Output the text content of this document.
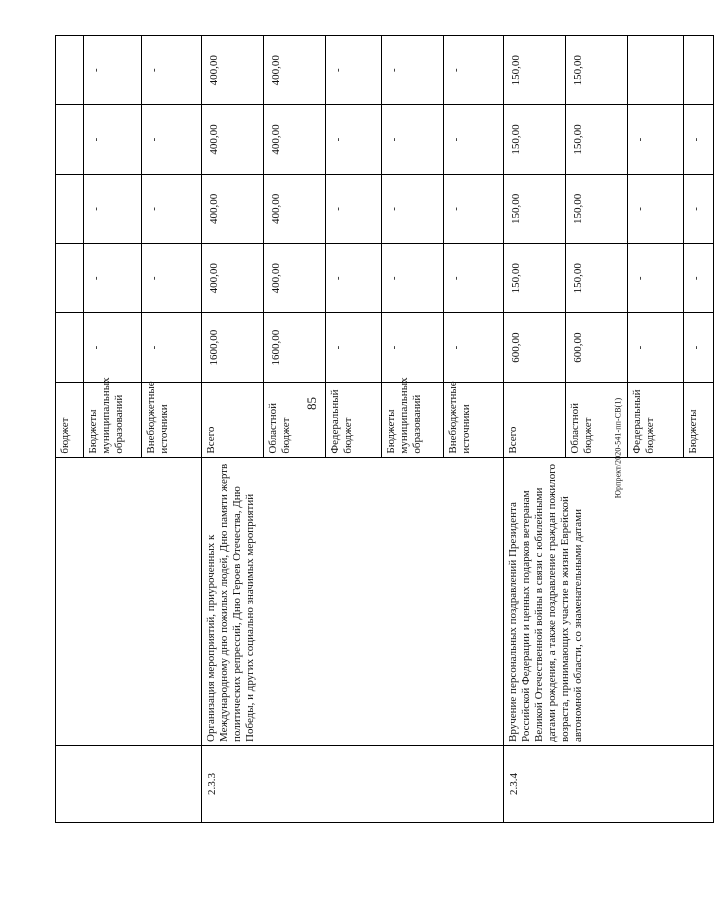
85	Юрпрект/2020-541-пп-СВ(1)
		бюджет					
		Бюджеты муниципальных образований	-	-	-	-	-
		Внебюджетные источники	-	-	-	-	-
2.3.3	Организация мероприятий, приуроченных к Международному дню пожилых людей, Дню памяти жертв политических репрессий, Дню Героев Отечества, Дню Победы, и других социально значимых мероприятий	Всего	1600,00	400,00	400,00	400,00	400,00
		Областной бюджет	1600,00	400,00	400,00	400,00	400,00
		Федеральный бюджет	-	-	-	-	-
		Бюджеты муниципальных образований	-	-	-	-	-
		Внебюджетные источники	-	-	-	-	-
2.3.4	Вручение персональных поздравлений Президента Российской Федерации и ценных подарков ветеранам Великой Отечественной войны в связи с юбилейными датами рождения, а также поздравление граждан пожилого возраста, принимающих участие в жизни Еврейской автономной области, со знаменательными датами	Всего	600,00	150,00	150,00	150,00	150,00
		Областной бюджет	600,00	150,00	150,00	150,00	150,00
		Федеральный бюджет	-	-	-	-	
		Бюджеты	-	-	-	-	
